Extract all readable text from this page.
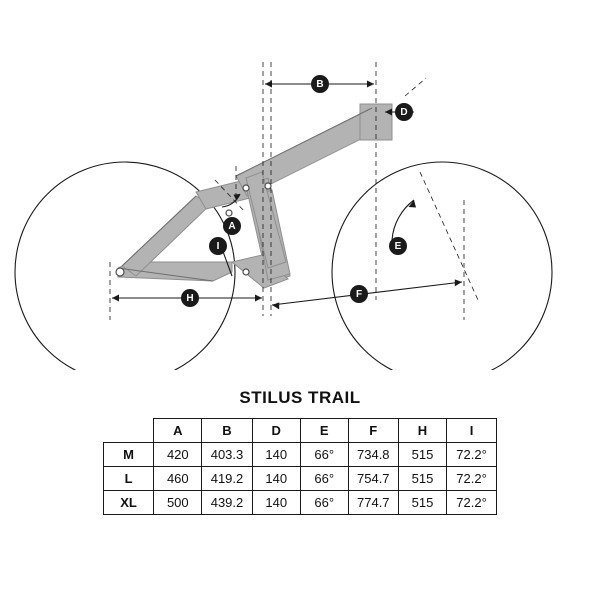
B
D
A
I	E
F
H
STILUS TRAIL
	A	B	D	E	F	H	I
M	420	403.3	140	66°	734.8	515	72.2°
L	460	419.2	140	66°	754.7	515	72.2°
XL	500	439.2	140	66°	774.7	515	72.2°
